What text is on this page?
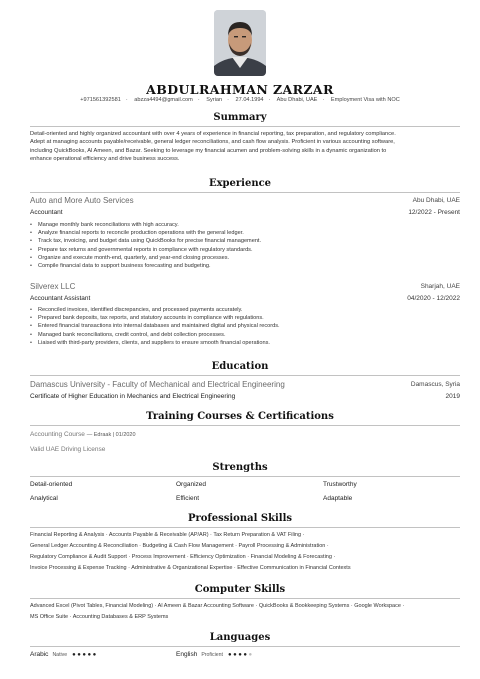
ABDULRAHMAN ZARZAR
+971561392581 · abzza4494@gmail.com · Syrian · 27.04.1994 · Abu Dhabi, UAE · Employment Visa with NOC
Summary
Detail-oriented and highly organized accountant with over 4 years of experience in financial reporting, tax preparation, and regulatory compliance.
Adept at managing accounts payable/receivable, general ledger reconciliations, and cash flow analysis. Proficient in various accounting software,
including QuickBooks, Al Ameen, and Bazar. Seeking to leverage my financial acumen and problem-solving skills in a dynamic organization to
enhance operational efficiency and drive business success.
Experience
Auto and More Auto Services	Abu Dhabi, UAE
Accountant	12/2022 - Present
• Manage monthly bank reconciliations with high accuracy.
• Analyze financial reports to reconcile production operations with the general ledger.
• Track tax, invoicing, and budget data using QuickBooks for precise financial management.
• Prepare tax returns and governmental reports in compliance with regulatory standards.
• Organize and execute month-end, quarterly, and year-end closing processes.
• Compile financial data to support business forecasting and budgeting.
Silverex LLC	Sharjah, UAE
Accountant Assistant	04/2020 - 12/2022
• Reconciled invoices, identified discrepancies, and processed payments accurately.
• Prepared bank deposits, tax reports, and statutory accounts in compliance with regulations.
• Entered financial transactions into internal databases and maintained digital and physical records.
• Managed bank reconciliations, credit control, and debt collection processes.
• Liaised with third-party providers, clients, and suppliers to ensure smooth financial operations.
Education
Damascus University - Faculty of Mechanical and Electrical Engineering	Damascus, Syria
Certificate of Higher Education in Mechanics and Electrical Engineering	2019
Training Courses & Certifications
Accounting Course — Edraak | 01/2020
Valid UAE Driving License
Strengths
Detail-oriented	Organized	Trustworthy
Analytical	Efficient	Adaptable
Professional Skills
Financial Reporting & Analysis · Accounts Payable & Receivable (AP/AR) · Tax Return Preparation & VAT Filing ·
General Ledger Accounting & Reconciliation · Budgeting & Cash Flow Management · Payroll Processing & Administration ·
Regulatory Compliance & Audit Support · Process Improvement · Efficiency Optimization · Financial Modeling & Forecasting ·
Invoice Processing & Expense Tracking · Administrative & Organizational Expertise · Effective Communication in Financial Contexts
Computer Skills
Advanced Excel (Pivot Tables, Financial Modeling) · Al Ameen & Bazar Accounting Software · QuickBooks & Bookkeeping Systems · Google Workspace ·
MS Office Suite · Accounting Databases & ERP Systems
Languages
Arabic Native ●●●●●	English Proficient ●●●●●
